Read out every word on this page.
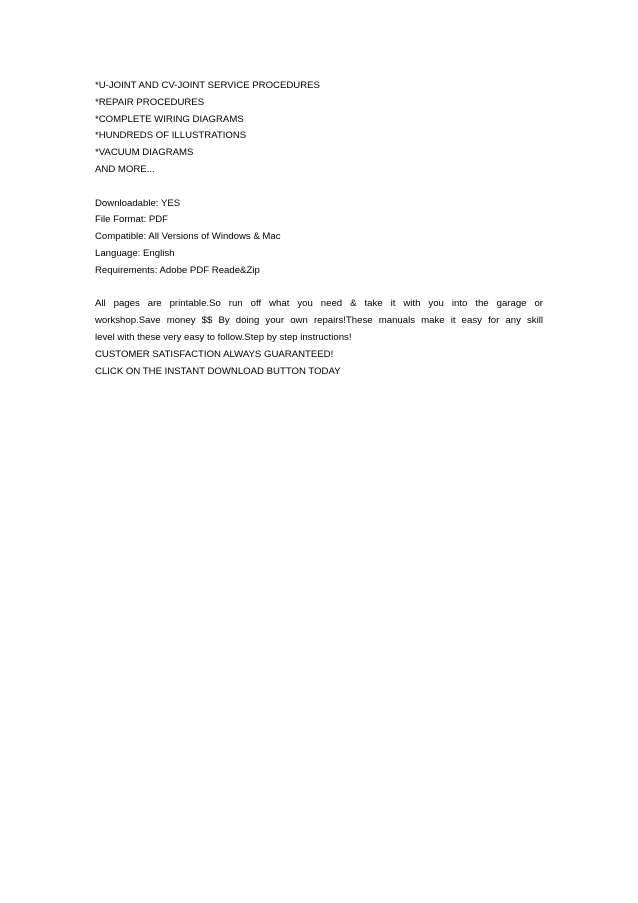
*U-JOINT AND CV-JOINT SERVICE PROCEDURES
*REPAIR PROCEDURES
*COMPLETE WIRING DIAGRAMS
*HUNDREDS OF ILLUSTRATIONS
*VACUUM DIAGRAMS
AND MORE...
Downloadable: YES
File Format: PDF
Compatible: All Versions of Windows & Mac
Language: English
Requirements: Adobe PDF Reade&Zip
All pages are printable.So run off what you need & take it with you into the garage or
workshop.Save money $$ By doing your own repairs!These manuals make it easy for any skill
level with these very easy to follow.Step by step instructions!
CUSTOMER SATISFACTION ALWAYS GUARANTEED!
CLICK ON THE INSTANT DOWNLOAD BUTTON TODAY
